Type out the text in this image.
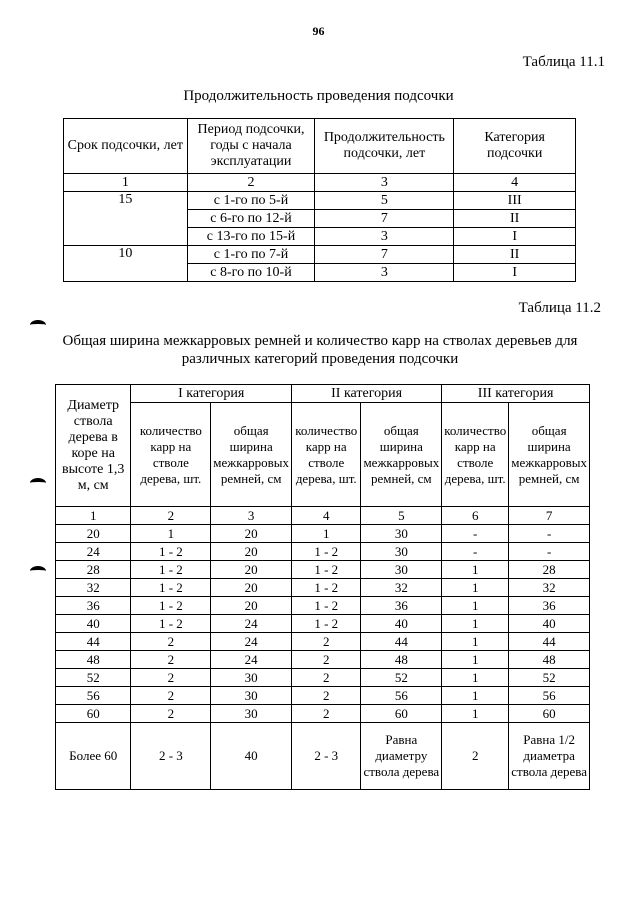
96
Таблица 11.1
Продолжительность проведения подсочки
Срок подсочки, лет	Период подсочки, годы с начала эксплуатации	Продолжительность подсочки, лет	Категория подсочки
1	2	3	4
15	с 1-го по 5-й	5	III
	с 6-го по 12-й	7	II
	с 13-го по 15-й	3	I
10	с 1-го по 7-й	7	II
	с 8-го по 10-й	3	I
Таблица 11.2
Общая ширина межкарровых ремней и количество карр на стволах деревьев для различных категорий проведения подсочки
Диаметр ствола дерева в коре на высоте 1,3 м, см	I категория		II категория		III категория	
	количество карр на стволе дерева, шт.	общая ширина межкарровых ремней, см	количество карр на стволе дерева, шт.	общая ширина межкарровых ремней, см	количество карр на стволе дерева, шт.	общая ширина межкарровых ремней, см
1	2	3	4	5	6	7
20	1	20	1	30	-	-
24	1 - 2	20	1 - 2	30	-	-
28	1 - 2	20	1 - 2	30	1	28
32	1 - 2	20	1 - 2	32	1	32
36	1 - 2	20	1 - 2	36	1	36
40	1 - 2	24	1 - 2	40	1	40
44	2	24	2	44	1	44
48	2	24	2	48	1	48
52	2	30	2	52	1	52
56	2	30	2	56	1	56
60	2	30	2	60	1	60
Более 60	2 - 3	40	2 - 3	Равна диаметру ствола дерева	2	Равна 1/2 диаметра ствола дерева
